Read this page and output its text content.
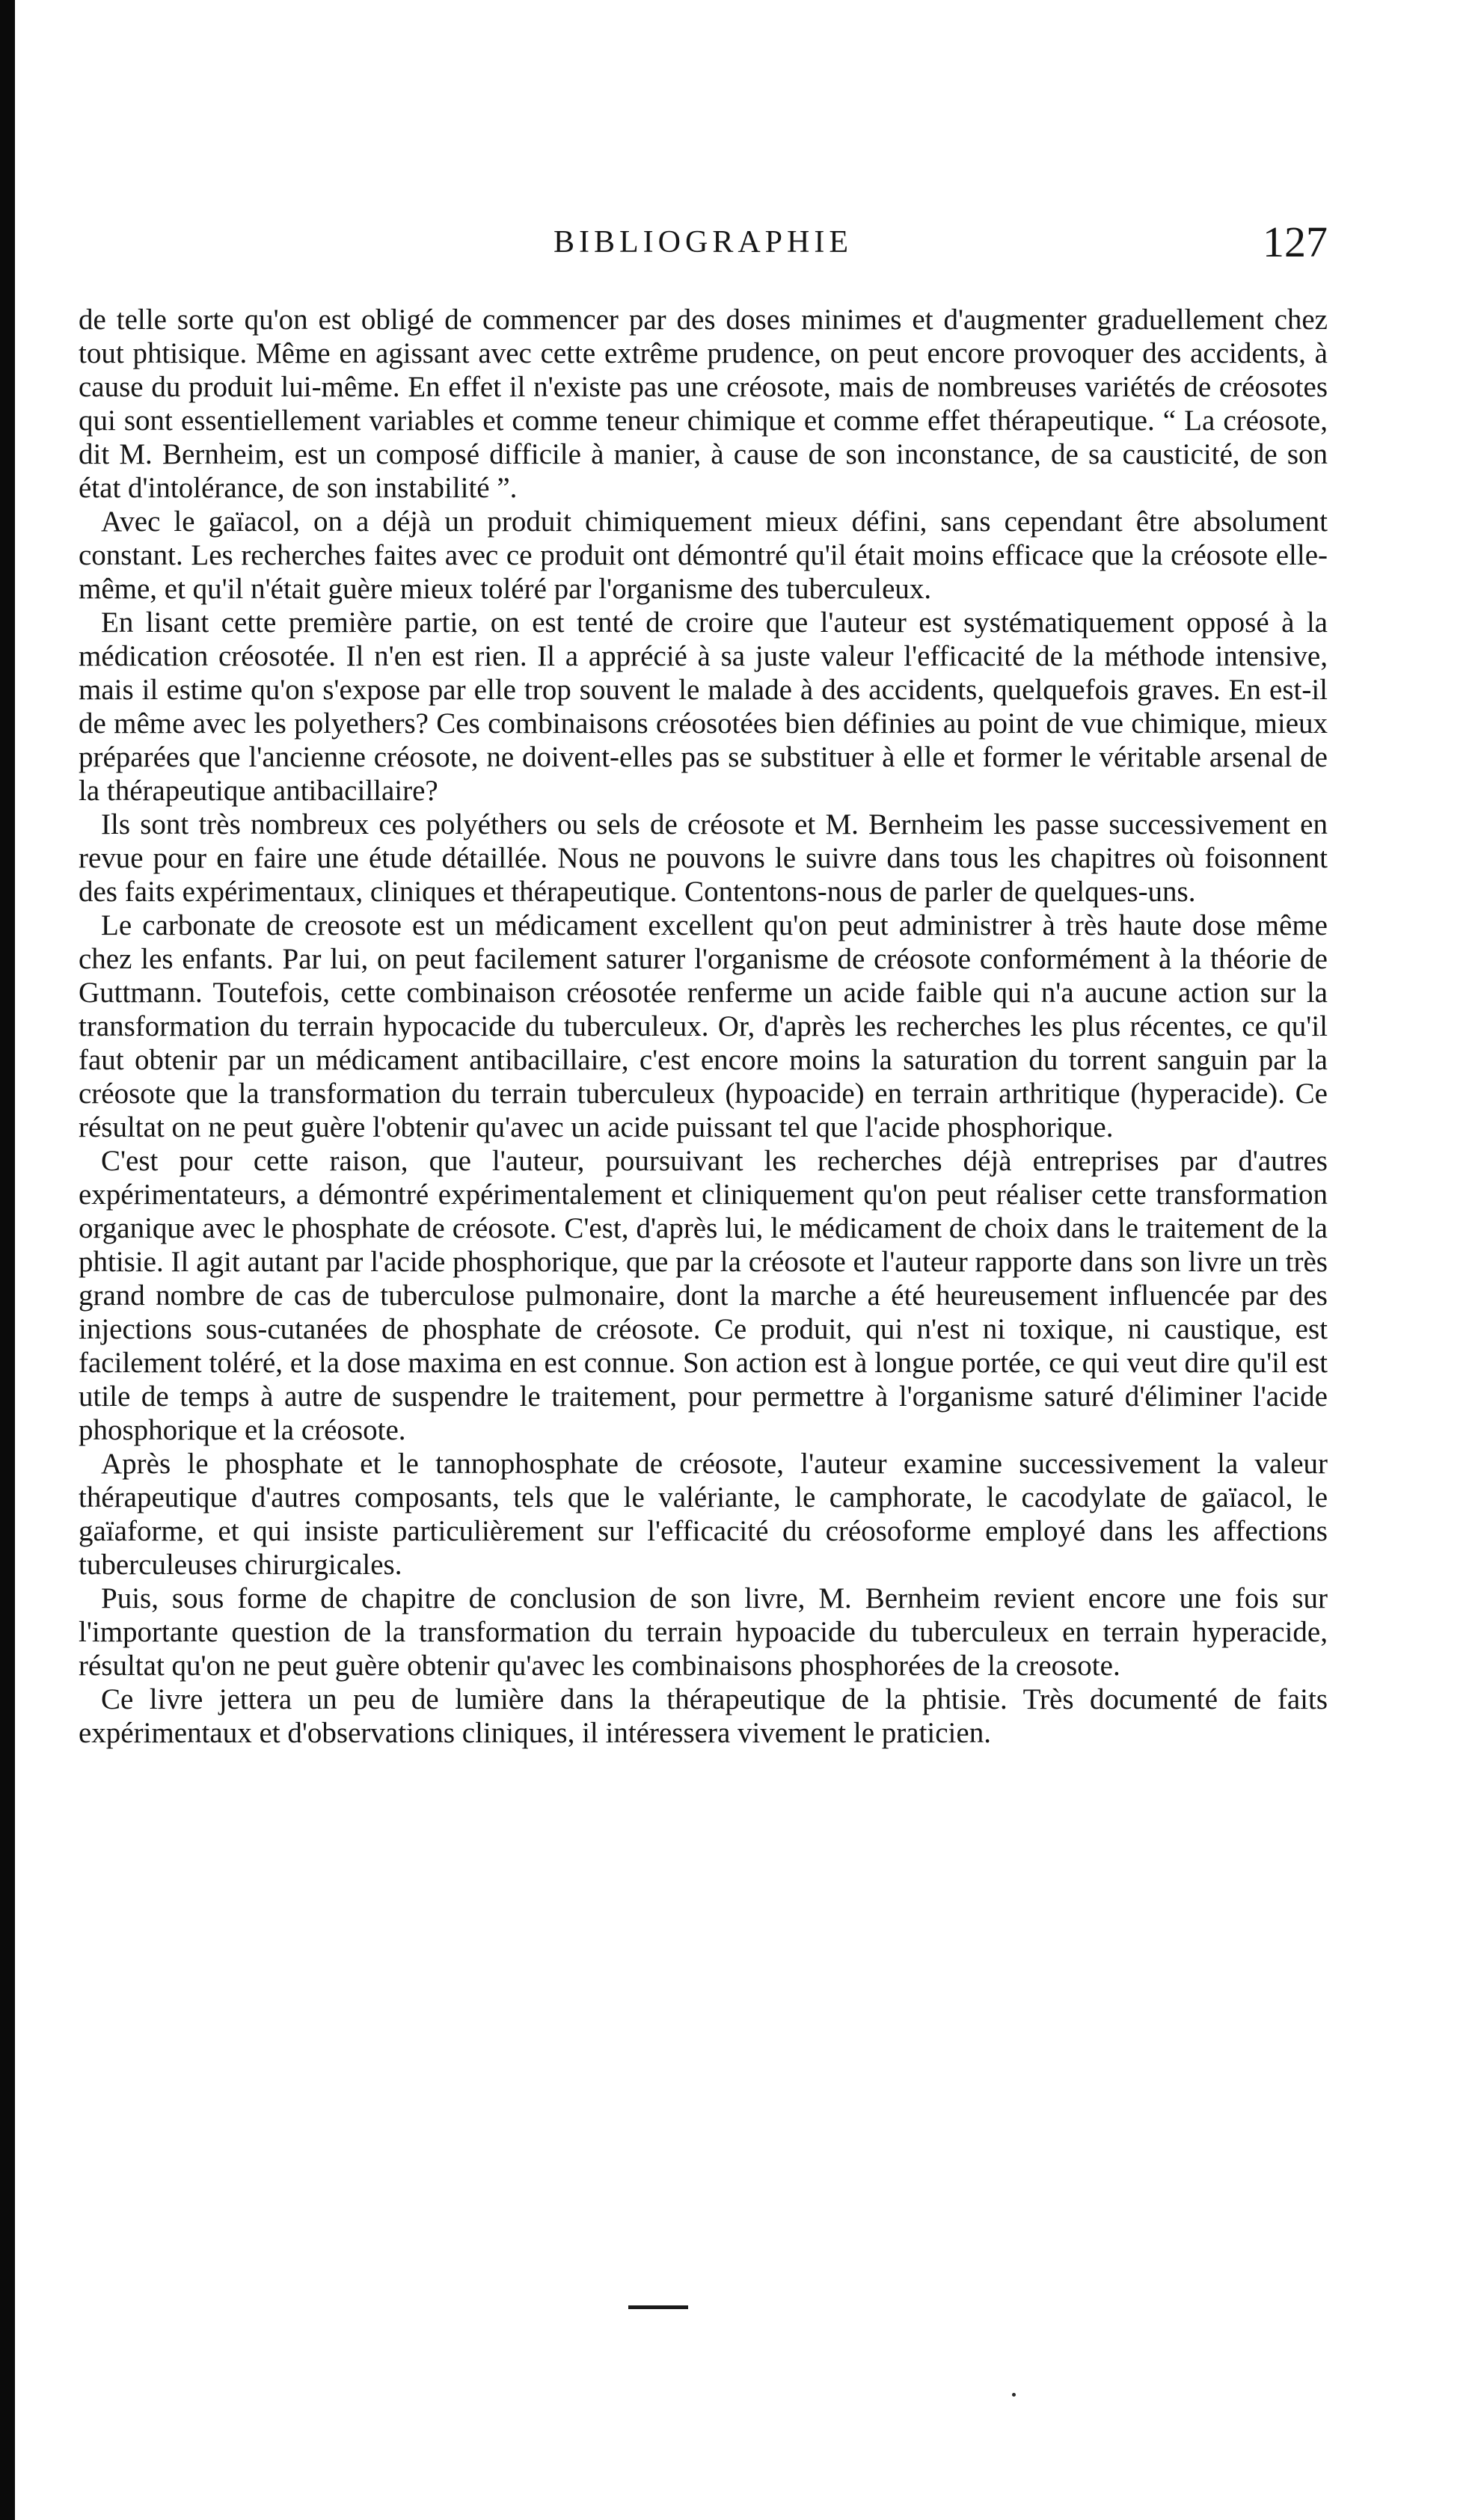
BIBLIOGRAPHIE	127

de telle sorte qu'on est obligé de commencer par des doses minimes et d'augmenter graduellement chez tout phtisique. Même en agissant avec cette extrême prudence, on peut encore provoquer des accidents, à cause du produit lui-même. En effet il n'existe pas une créosote, mais de nombreuses variétés de créosotes qui sont essentiellement variables et comme teneur chimique et comme effet thérapeutique. “ La créosote, dit M. Bernheim, est un composé difficile à manier, à cause de son inconstance, de sa causticité, de son état d'intolérance, de son instabilité ”.

Avec le gaïacol, on a déjà un produit chimiquement mieux défini, sans cependant être absolument constant. Les recherches faites avec ce produit ont démontré qu'il était moins efficace que la créosote elle-même, et qu'il n'était guère mieux toléré par l'organisme des tuberculeux.

En lisant cette première partie, on est tenté de croire que l'auteur est systématiquement opposé à la médication créosotée. Il n'en est rien. Il a apprécié à sa juste valeur l'efficacité de la méthode intensive, mais il estime qu'on s'expose par elle trop souvent le malade à des accidents, quelquefois graves. En est-il de même avec les polyethers? Ces combinaisons créosotées bien définies au point de vue chimique, mieux préparées que l'ancienne créosote, ne doivent-elles pas se substituer à elle et former le véritable arsenal de la thérapeutique antibacillaire?

Ils sont très nombreux ces polyéthers ou sels de créosote et M. Bernheim les passe successivement en revue pour en faire une étude détaillée. Nous ne pouvons le suivre dans tous les chapitres où foisonnent des faits expérimentaux, cliniques et thérapeutique. Contentons-nous de parler de quelques-uns.

Le carbonate de creosote est un médicament excellent qu'on peut administrer à très haute dose même chez les enfants. Par lui, on peut facilement saturer l'organisme de créosote conformément à la théorie de Guttmann. Toutefois, cette combinaison créosotée renferme un acide faible qui n'a aucune action sur la transformation du terrain hypocacide du tuberculeux. Or, d'après les recherches les plus récentes, ce qu'il faut obtenir par un médicament antibacillaire, c'est encore moins la saturation du torrent sanguin par la créosote que la transformation du terrain tuberculeux (hypoacide) en terrain arthritique (hyperacide). Ce résultat on ne peut guère l'obtenir qu'avec un acide puissant tel que l'acide phosphorique.

C'est pour cette raison, que l'auteur, poursuivant les recherches déjà entreprises par d'autres expérimentateurs, a démontré expérimentalement et cliniquement qu'on peut réaliser cette transformation organique avec le phosphate de créosote. C'est, d'après lui, le médicament de choix dans le traitement de la phtisie. Il agit autant par l'acide phosphorique, que par la créosote et l'auteur rapporte dans son livre un très grand nombre de cas de tuberculose pulmonaire, dont la marche a été heureusement influencée par des injections sous-cutanées de phosphate de créosote. Ce produit, qui n'est ni toxique, ni caustique, est facilement toléré, et la dose maxima en est connue. Son action est à longue portée, ce qui veut dire qu'il est utile de temps à autre de suspendre le traitement, pour permettre à l'organisme saturé d'éliminer l'acide phosphorique et la créosote.

Après le phosphate et le tannophosphate de créosote, l'auteur examine successivement la valeur thérapeutique d'autres composants, tels que le valériante, le camphorate, le cacodylate de gaïacol, le gaïaforme, et qui insiste particulièrement sur l'efficacité du créosoforme employé dans les affections tuberculeuses chirurgicales.

Puis, sous forme de chapitre de conclusion de son livre, M. Bernheim revient encore une fois sur l'importante question de la transformation du terrain hypoacide du tuberculeux en terrain hyperacide, résultat qu'on ne peut guère obtenir qu'avec les combinaisons phosphorées de la creosote.

Ce livre jettera un peu de lumière dans la thérapeutique de la phtisie. Très documenté de faits expérimentaux et d'observations cliniques, il intéressera vivement le praticien.
